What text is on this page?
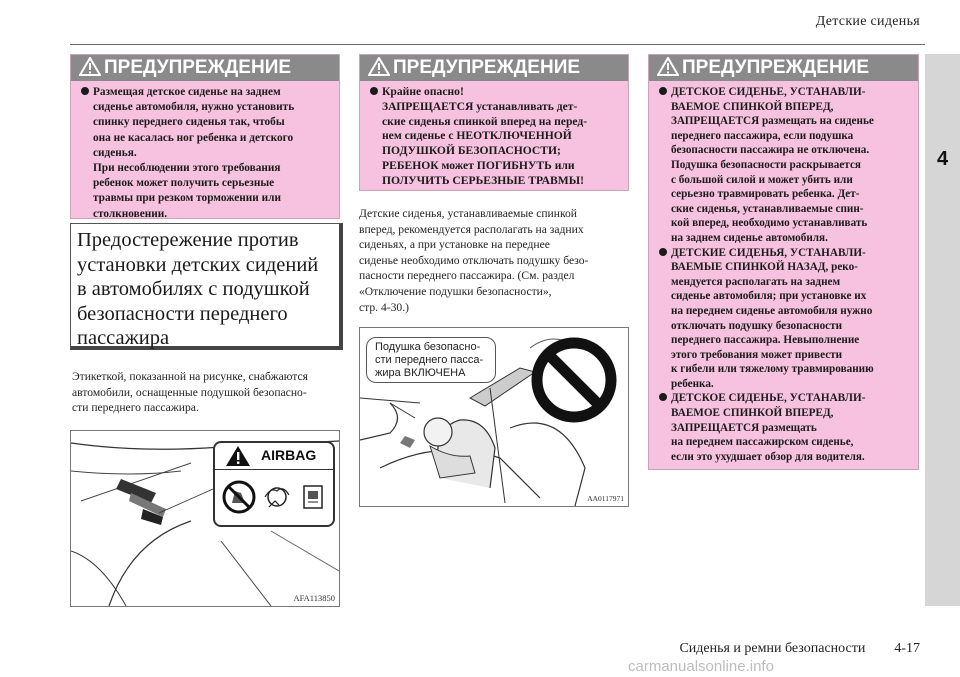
Детские сиденья
4
ПРЕДУПРЕЖДЕНИЕ

Размещая детское сиденье на заднем

сиденье автомобиля, нужно установить

спинку переднего сиденья так, чтобы

она не касалась ног ребенка и детского

сиденья.

При несоблюдении этого требования

ребенок может получить серьезные

травмы при резком торможении или

столкновении.

Предостережение против
установки детских сидений
в автомобилях с подушкой
безопасности переднего
пассажира
Этикеткой, показанной на рисунке, снабжаются
автомобили, оснащенные подушкой безопасно-
сти переднего пассажира.
AIRBAG
AFA113850
ПРЕДУПРЕЖДЕНИЕ

Крайне опасно!

ЗАПРЕЩАЕТСЯ устанавливать дет-

ские сиденья спинкой вперед на перед-

нем сиденье с НЕОТКЛЮЧЕННОЙ

ПОДУШКОЙ БЕЗОПАСНОСТИ;

РЕБЕНОК может ПОГИБНУТЬ или

ПОЛУЧИТЬ СЕРЬЕЗНЫЕ ТРАВМЫ!

Детские сиденья, устанавливаемые спинкой
вперед, рекомендуется располагать на задних
сиденьях, а при установке на переднее
сиденье необходимо отключать подушку безо-
пасности переднего пассажира. (См. раздел
«Отключение подушки безопасности»,
стр. 4-30.)
Подушка безопасно-
сти переднего пасса-
жира ВКЛЮЧЕНА
AA0117971
ПРЕДУПРЕЖДЕНИЕ

ДЕТСКОЕ СИДЕНЬЕ, УСТАНАВЛИ-

ВАЕМОЕ СПИНКОЙ ВПЕРЕД,

ЗАПРЕЩАЕТСЯ размещать на сиденье

переднего пассажира, если подушка

безопасности пассажира не отключена.

Подушка безопасности раскрывается

с большой силой и может убить или

серьезно травмировать ребенка. Дет-

ские сиденья, устанавливаемые спин-

кой вперед, необходимо устанавливать

на заднем сиденье автомобиля.

ДЕТСКИЕ СИДЕНЬЯ, УСТАНАВЛИ-

ВАЕМЫЕ СПИНКОЙ НАЗАД, реко-

мендуется располагать на заднем

сиденье автомобиля; при установке их

на переднем сиденье автомобиля нужно

отключать подушку безопасности

переднего пассажира. Невыполнение

этого требования может привести

к гибели или тяжелому травмированию

ребенка.

ДЕТСКОЕ СИДЕНЬЕ, УСТАНАВЛИ-

ВАЕМОЕ СПИНКОЙ ВПЕРЕД,

ЗАПРЕЩАЕТСЯ размещать

на переднем пассажирском сиденье,

если это ухудшает обзор для водителя.

Сиденья и ремни безопасности 4-17
carmanualsonline.info
